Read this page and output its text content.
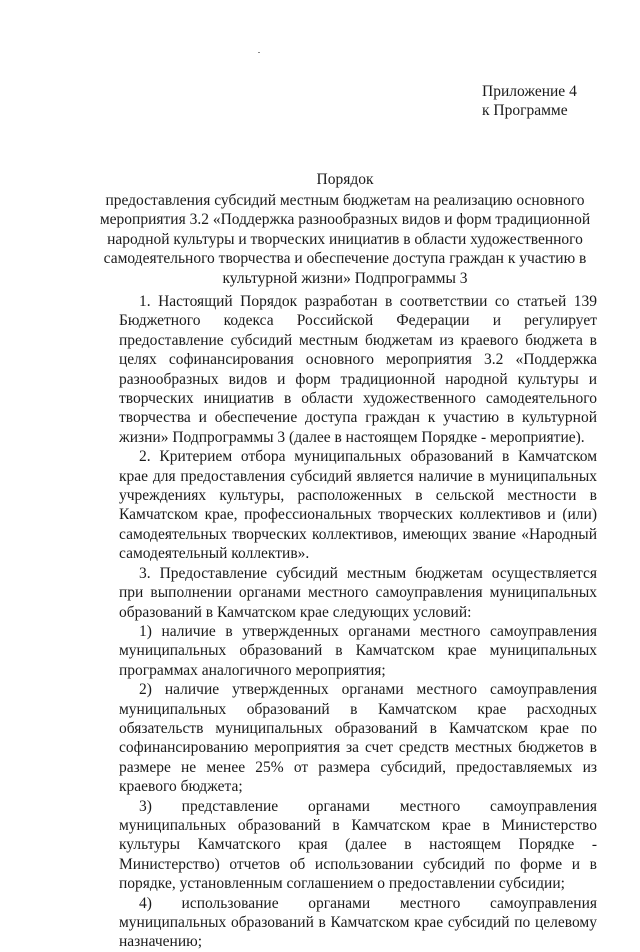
Приложение 4
к Программе
Порядок
предоставления субсидий местным бюджетам на реализацию основного
мероприятия 3.2 «Поддержка разнообразных видов и форм традиционной
народной культуры и творческих инициатив в области художественного
самодеятельного творчества и обеспечение доступа граждан к участию в
культурной жизни» Подпрограммы 3

1. Настоящий Порядок разработан в соответствии со статьей 139 Бюджетного кодекса Российской Федерации и регулирует предоставление субсидий местным бюджетам из краевого бюджета в целях софинансирования основного мероприятия 3.2 «Поддержка разнообразных видов и форм традиционной народной культуры и творческих инициатив в области художественного самодеятельного творчества и обеспечение доступа граждан к участию в культурной жизни» Подпрограммы 3 (далее в настоящем Порядке - мероприятие).

2. Критерием отбора муниципальных образований в Камчатском крае для предоставления субсидий является наличие в муниципальных учреждениях культуры, расположенных в сельской местности в Камчатском крае, профессиональных творческих коллективов и (или) самодеятельных творческих коллективов, имеющих звание «Народный самодеятельный коллектив».

3. Предоставление субсидий местным бюджетам осуществляется при выполнении органами местного самоуправления муниципальных образований в Камчатском крае следующих условий:

1) наличие в утвержденных органами местного самоуправления муниципальных образований в Камчатском крае муниципальных программах аналогичного мероприятия;

2) наличие утвержденных органами местного самоуправления муниципальных образований в Камчатском крае расходных обязательств муниципальных образований в Камчатском крае по софинансированию мероприятия за счет средств местных бюджетов в размере не менее 25% от размера субсидий, предоставляемых из краевого бюджета;

3) представление органами местного самоуправления муниципальных образований в Камчатском крае в Министерство культуры Камчатского края (далее в настоящем Порядке - Министерство) отчетов об использовании субсидий по форме и в порядке, установленным соглашением о предоставлении субсидии;

4) использование органами местного самоуправления муниципальных образований в Камчатском крае субсидий по целевому назначению;
